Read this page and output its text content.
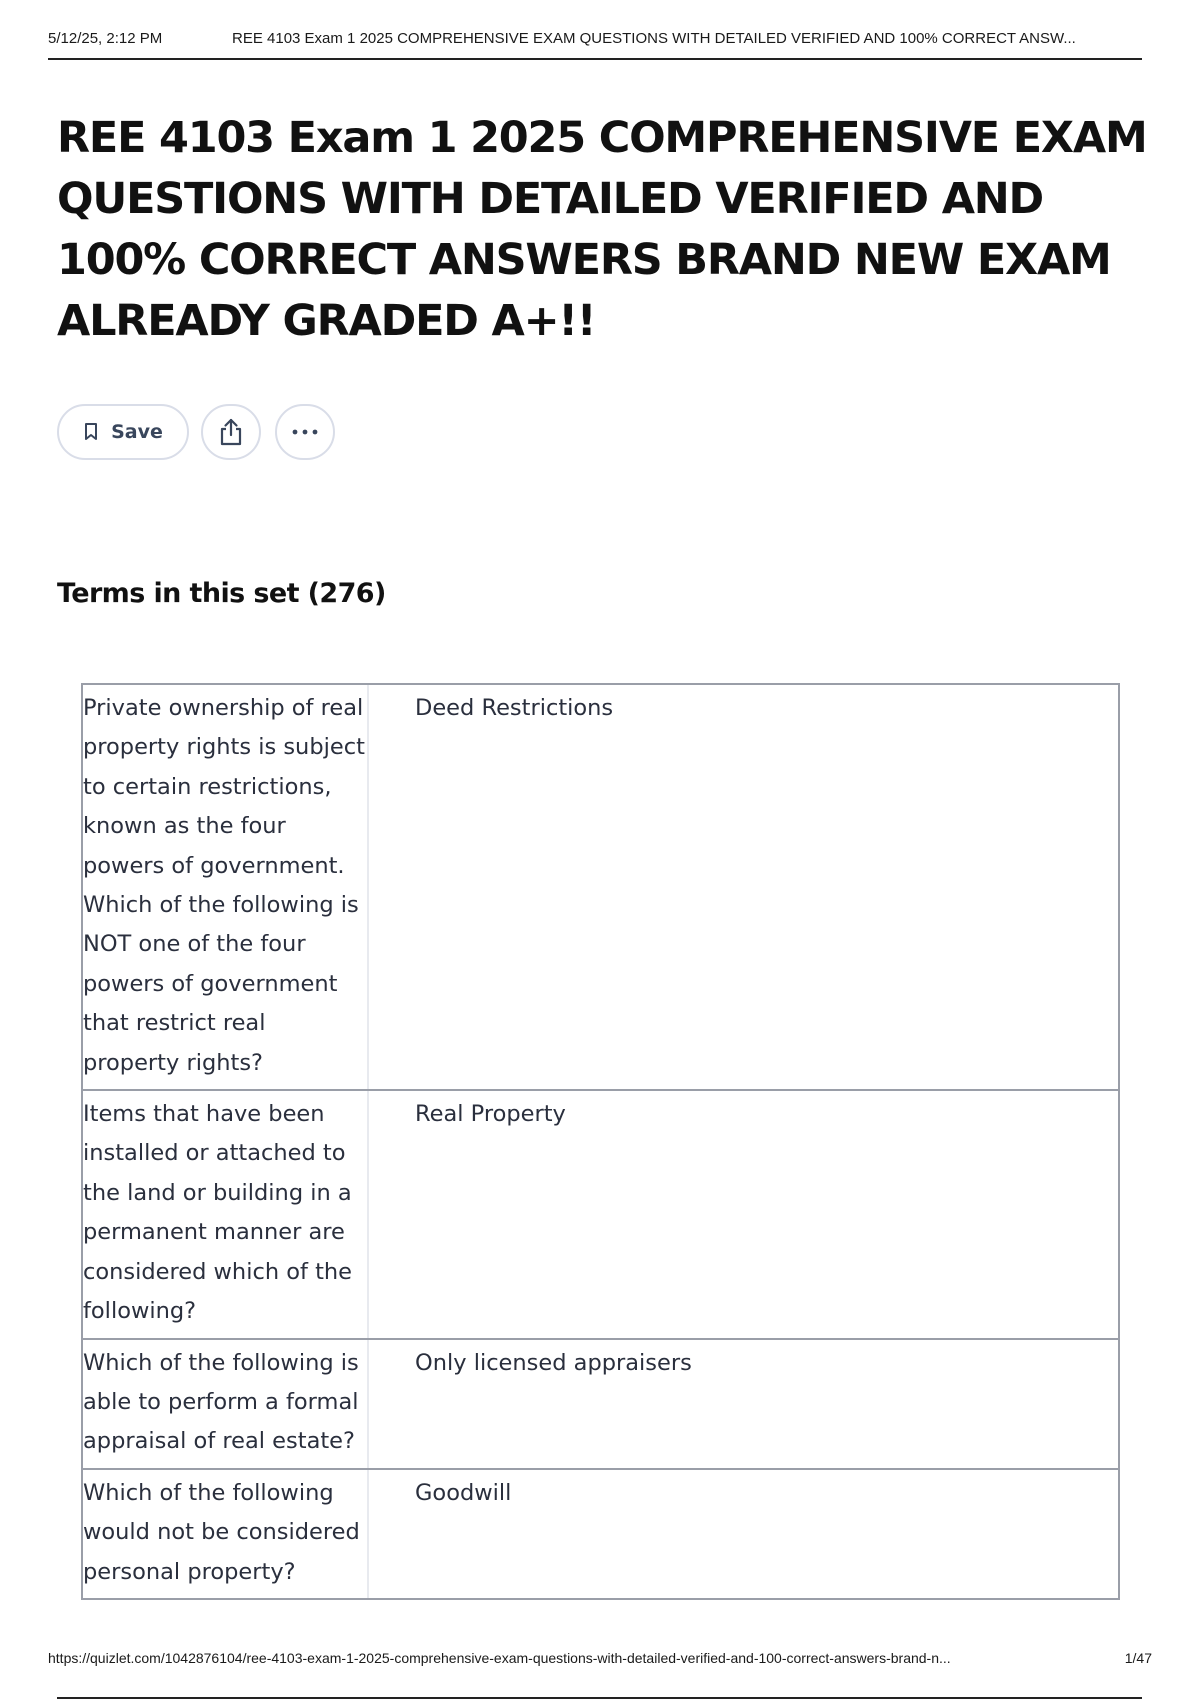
5/12/25, 2:12 PM	REE 4103 Exam 1 2025 COMPREHENSIVE EXAM QUESTIONS WITH DETAILED VERIFIED AND 100% CORRECT ANSW...
REE 4103 Exam 1 2025 COMPREHENSIVE EXAM QUESTIONS WITH DETAILED VERIFIED AND 100% CORRECT ANSWERS BRAND NEW EXAM ALREADY GRADED A+!!
Save
Terms in this set (276)
Private ownership of real property rights is subject to certain restrictions, known as the four powers of government. Which of the following is NOT one of the four powers of government that restrict real property rights?
Deed Restrictions
Items that have been installed or attached to the land or building in a permanent manner are considered which of the following?
Real Property
Which of the following is able to perform a formal appraisal of real estate?
Only licensed appraisers
Which of the following would not be considered personal property?
Goodwill
https://quizlet.com/1042876104/ree-4103-exam-1-2025-comprehensive-exam-questions-with-detailed-verified-and-100-correct-answers-brand-n...	1/47
